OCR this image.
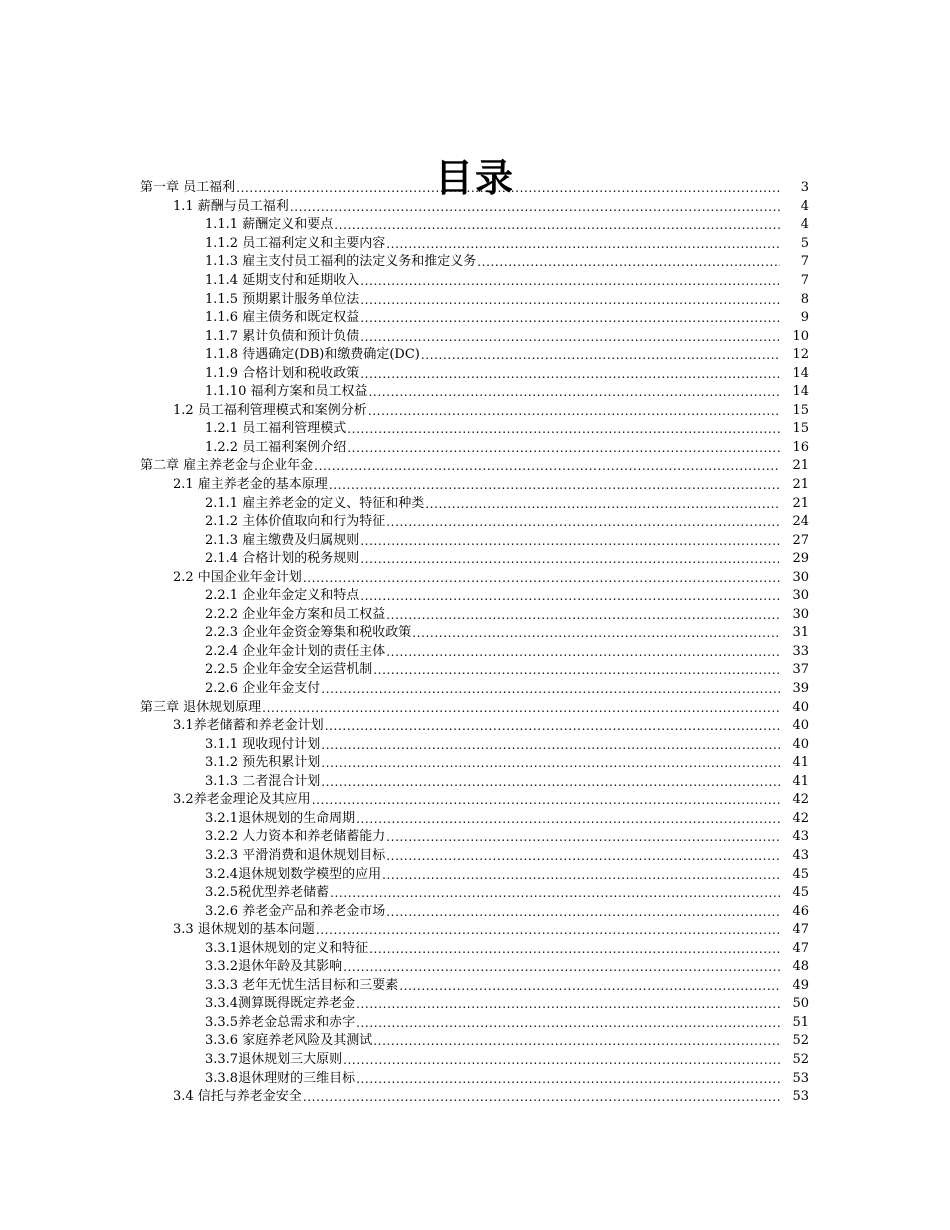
目录
第一章 员工福利 . . .	3
1.1 薪酬与员工福利 . . .	4
1.1.1 薪酬定义和要点 . . .	4
1.1.2 员工福利定义和主要内容 . . .	5
1.1.3 雇主支付员工福利的法定义务和推定义务 . . .	7
1.1.4 延期支付和延期收入 . . .	7
1.1.5 预期累计服务单位法 . . .	8
1.1.6 雇主债务和既定权益 . . .	9
1.1.7 累计负债和预计负债 . . .	10
1.1.8 待遇确定(DB)和缴费确定(DC) . . .	12
1.1.9 合格计划和税收政策 . . .	14
1.1.10 福利方案和员工权益 . . .	14
1.2 员工福利管理模式和案例分析 . . .	15
1.2.1 员工福利管理模式 . . .	15
1.2.2 员工福利案例介绍 . . .	16
第二章 雇主养老金与企业年金 . . .	21
2.1 雇主养老金的基本原理 . . .	21
2.1.1 雇主养老金的定义、特征和种类 . . .	21
2.1.2 主体价值取向和行为特征 . . .	24
2.1.3 雇主缴费及归属规则 . . .	27
2.1.4 合格计划的税务规则 . . .	29
2.2 中国企业年金计划 . . .	30
2.2.1 企业年金定义和特点 . . .	30
2.2.2 企业年金方案和员工权益 . . .	30
2.2.3 企业年金资金筹集和税收政策 . . .	31
2.2.4 企业年金计划的责任主体 . . .	33
2.2.5 企业年金安全运营机制 . . .	37
2.2.6 企业年金支付 . . .	39
第三章 退休规划原理 . . .	40
3.1养老储蓄和养老金计划 . . .	40
3.1.1 现收现付计划 . . .	40
3.1.2 预先积累计划 . . .	41
3.1.3 二者混合计划 . . .	41
3.2养老金理论及其应用 . . .	42
3.2.1退休规划的生命周期 . . .	42
3.2.2 人力资本和养老储蓄能力 . . .	43
3.2.3 平滑消费和退休规划目标 . . .	43
3.2.4退休规划数学模型的应用 . . .	45
3.2.5税优型养老储蓄 . . .	45
3.2.6 养老金产品和养老金市场 . . .	46
3.3 退休规划的基本问题 . . .	47
3.3.1退休规划的定义和特征 . . .	47
3.3.2退休年龄及其影响 . . .	48
3.3.3 老年无忧生活目标和三要素 . . .	49
3.3.4测算既得既定养老金 . . .	50
3.3.5养老金总需求和赤字 . . .	51
3.3.6 家庭养老风险及其测试 . . .	52
3.3.7退休规划三大原则 . . .	52
3.3.8退休理财的三维目标 . . .	53
3.4 信托与养老金安全 . . .	53
